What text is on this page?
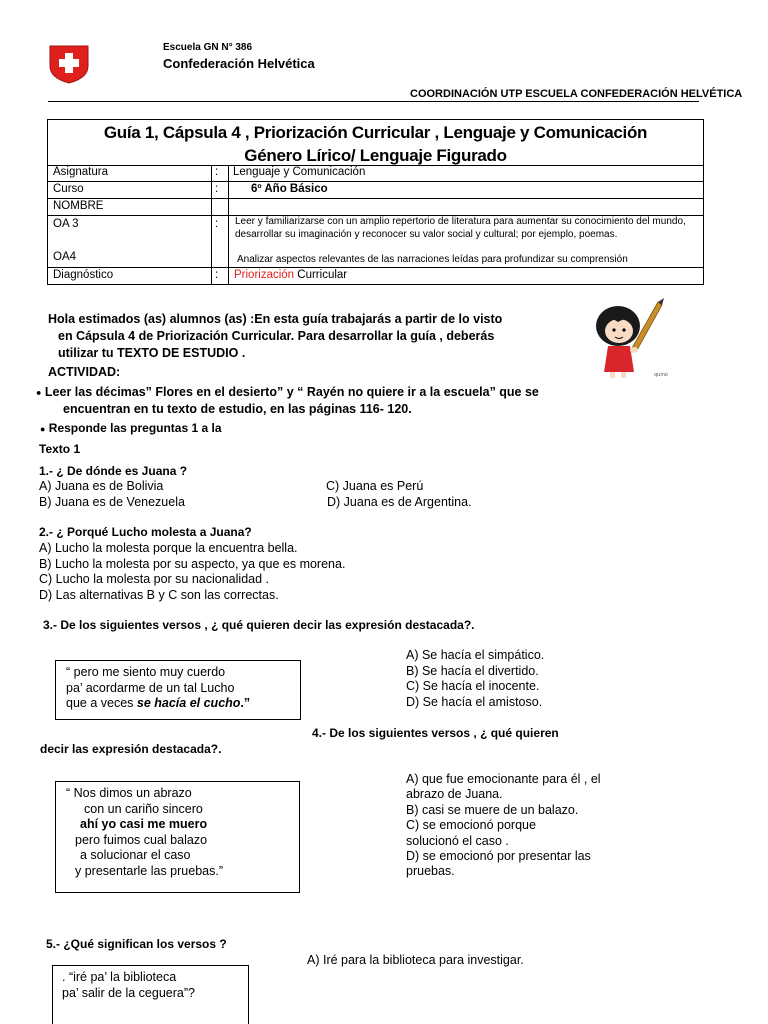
Escuela GN N° 386
Confederación Helvética
COORDINACIÓN UTP ESCUELA CONFEDERACIÓN HELVÉTICA
Guía 1, Cápsula 4 , Priorización Curricular , Lenguaje y Comunicación
Género Lírico/ Lenguaje Figurado
Asignatura	: Lenguaje y Comunicación
Curso	:	6º Año Básico
NOMBRE
OA 3	: Leer y familiarizarse con un amplio repertorio de literatura para aumentar su conocimiento del mundo, desarrollar su imaginación y reconocer su valor social y cultural; por ejemplo, poemas.
OA4	Analizar aspectos relevantes de las narraciones leídas para profundizar su comprensión
Diagnóstico	: Priorización Curricular
Hola estimados (as) alumnos (as) :En esta guía trabajarás a partir de lo visto
en Cápsula 4 de Priorización Curricular. Para desarrollar la guía , deberás
utilizar tu TEXTO DE ESTUDIO .
quino
ACTIVIDAD:
● Leer las décimas” Flores en el desierto” y “ Rayén no quiere ir a la escuela” que se
encuentran en tu texto de estudio, en las páginas 116- 120.
● Responde las preguntas 1 a la
Texto 1
1.- ¿ De dónde es Juana ?
A) Juana es de Bolivia
B) Juana es de Venezuela
C) Juana es Perú
D) Juana es de Argentina.
2.- ¿ Porqué Lucho molesta a Juana?
A) Lucho la molesta porque la encuentra bella.
B) Lucho la molesta por su aspecto, ya que es morena.
C) Lucho la molesta por su nacionalidad .
D) Las alternativas B y C son las correctas.
3.- De los siguientes versos , ¿ qué quieren decir las expresión destacada?.
“ pero me siento muy cuerdo
pa’ acordarme de un tal Lucho
que a veces se hacía el cucho.”
A) Se hacía el simpático.
B) Se hacía el divertido.
C) Se hacía el inocente.
D) Se hacía el amistoso.
4.- De los siguientes versos , ¿ qué quieren
decir las expresión destacada?.
“ Nos dimos un abrazo
con un cariño sincero
ahí yo casi me muero
pero fuimos cual balazo
a solucionar el caso
y presentarle las pruebas.”
A) que fue emocionante para él , el
abrazo de Juana.
B) casi se muere de un balazo.
C) se emocionó porque
solucionó el caso .
D) se emocionó por presentar las
pruebas.
5.- ¿Qué significan los versos ?
A) Iré para la biblioteca para investigar.
. “iré pa’ la biblioteca
pa’ salir de la ceguera”?
